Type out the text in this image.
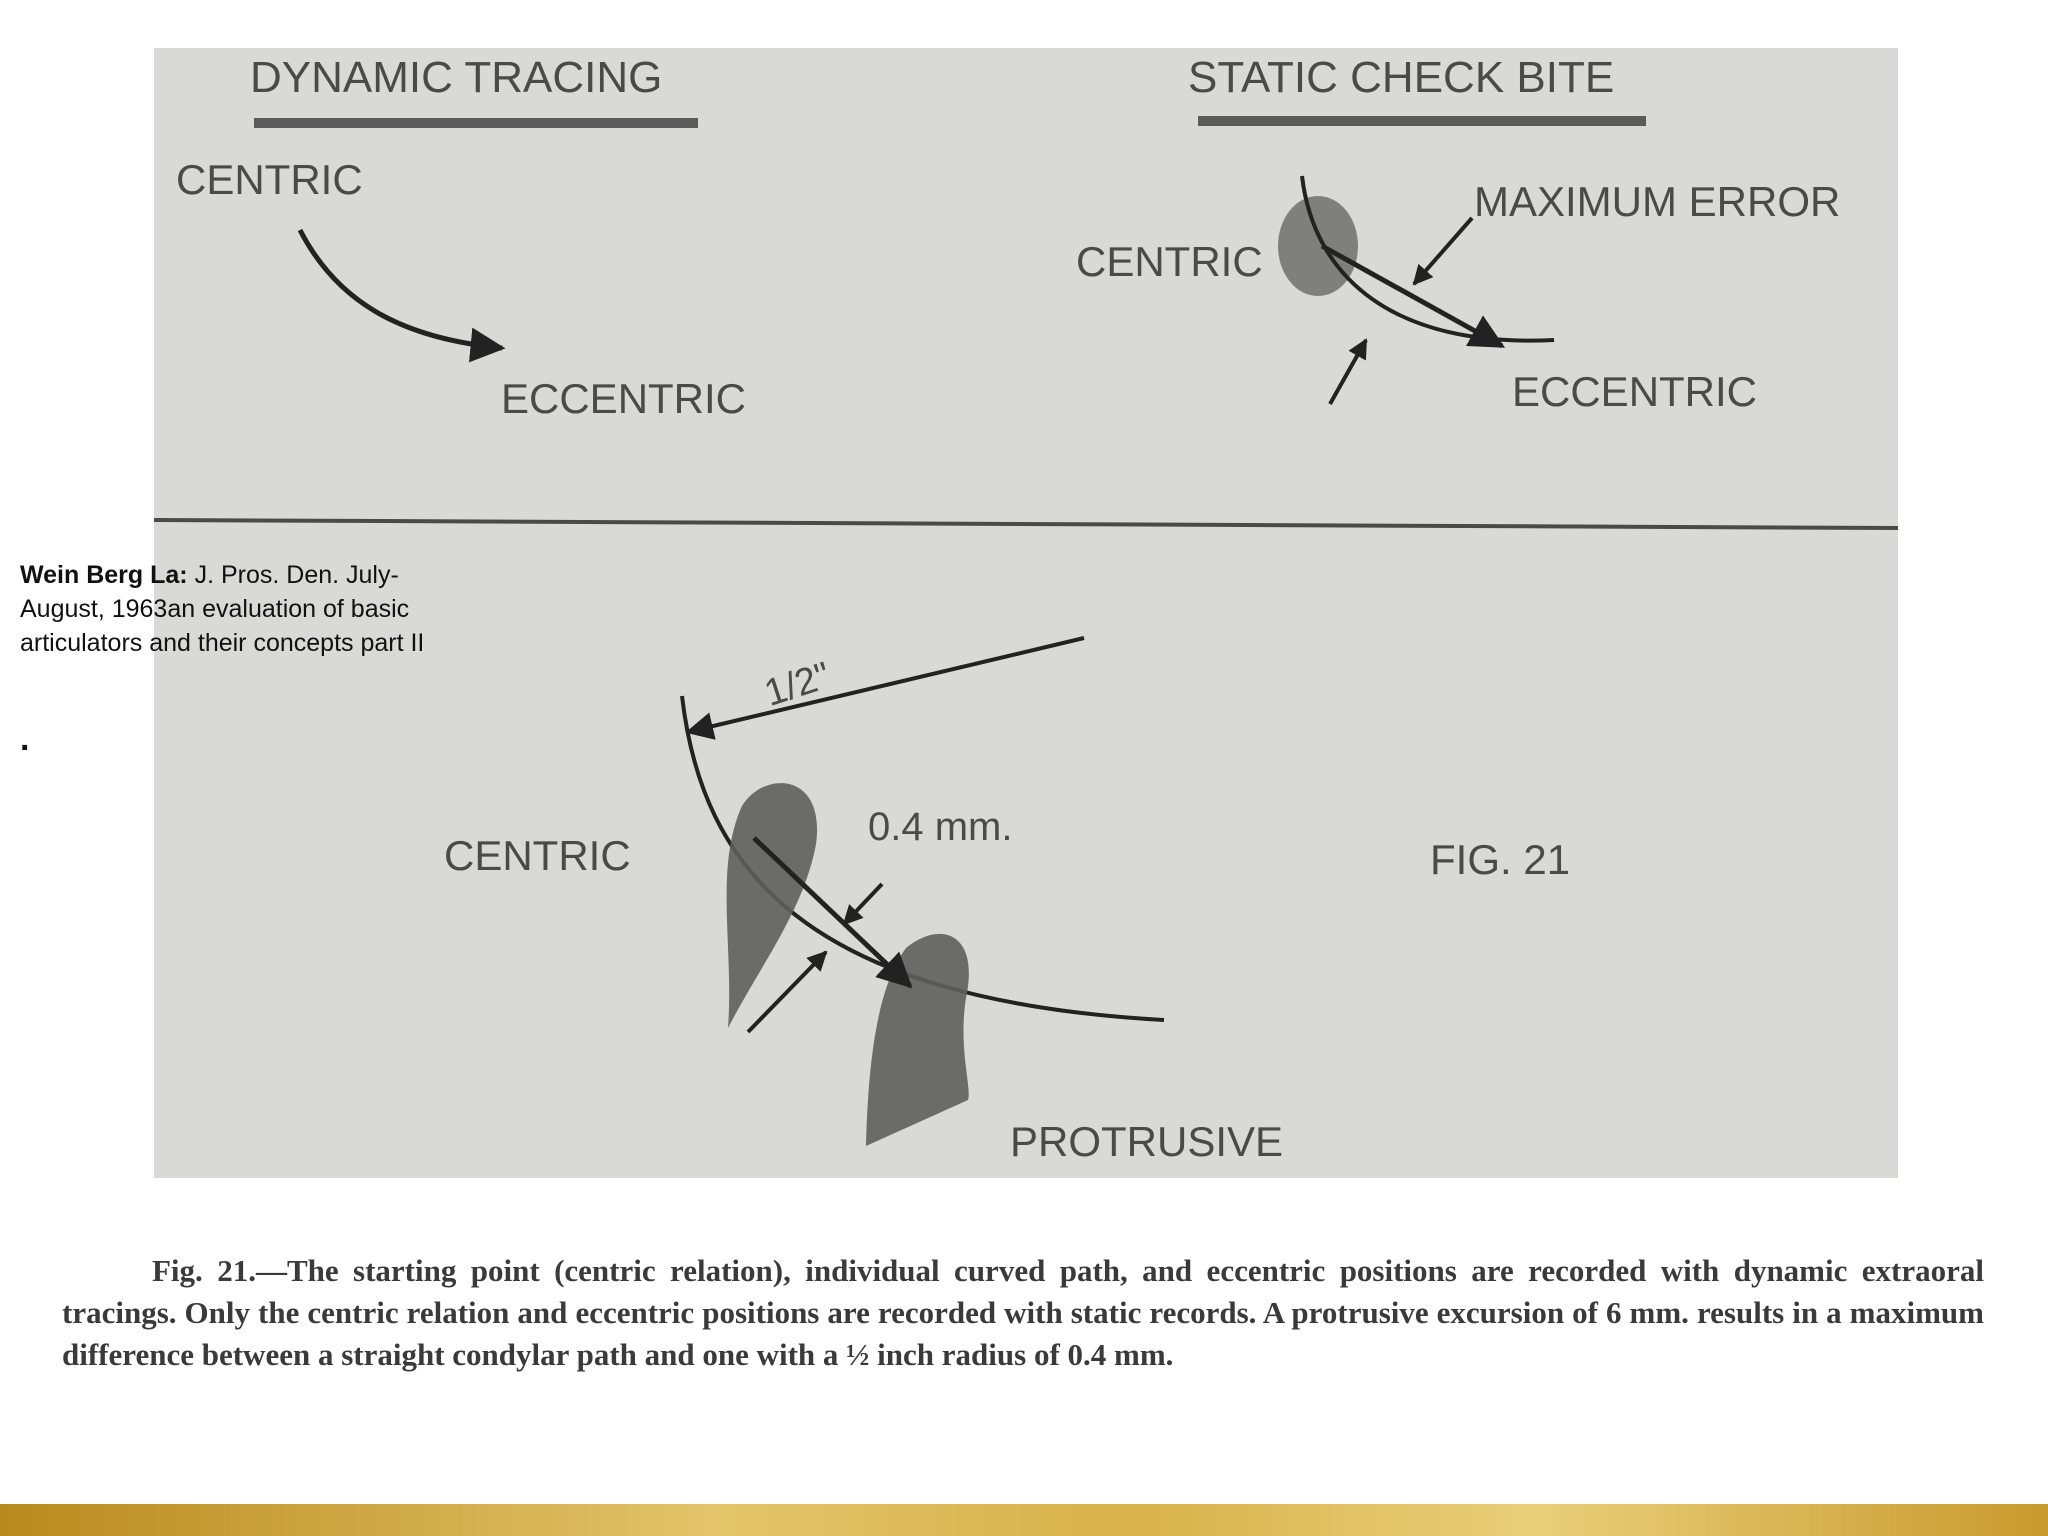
DYNAMIC TRACING
CENTRIC
ECCENTRIC
STATIC CHECK BITE
CENTRIC
MAXIMUM ERROR
ECCENTRIC
1/2"
0.4 mm.
CENTRIC	FIG. 21
PROTRUSIVE
Wein Berg La: J. Pros. Den. July-August, 1963an evaluation of basic articulators and their concepts part II
.
Fig. 21.—The starting point (centric relation), individual curved path, and eccentric positions are recorded with dynamic extraoral tracings. Only the centric relation and eccentric positions are recorded with static records. A protrusive excursion of 6 mm. results in a maximum difference between a straight condylar path and one with a ½ inch radius of 0.4 mm.
